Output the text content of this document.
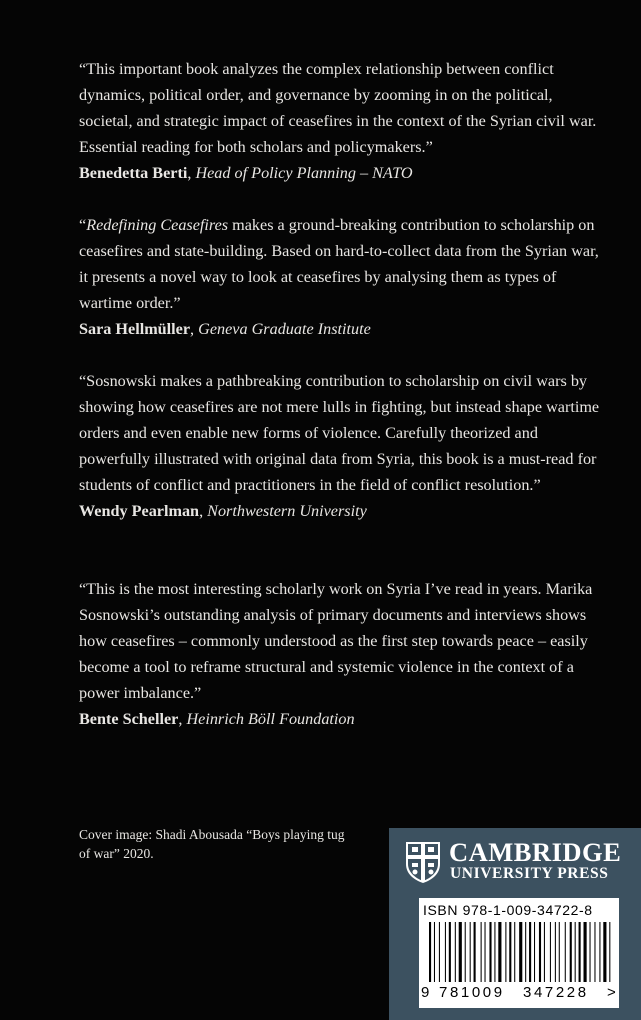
“This important book analyzes the complex relationship between conflict dynamics, political order, and governance by zooming in on the political, societal, and strategic impact of ceasefires in the context of the Syrian civil war. Essential reading for both scholars and policymakers.”

Benedetta Berti, Head of Policy Planning – NATO

“Redefining Ceasefires makes a ground-breaking contribution to scholarship on ceasefires and state-building. Based on hard-to-collect data from the Syrian war, it presents a novel way to look at ceasefires by analysing them as types of wartime order.”

Sara Hellmüller, Geneva Graduate Institute

“Sosnowski makes a pathbreaking contribution to scholarship on civil wars by showing how ceasefires are not mere lulls in fighting, but instead shape wartime orders and even enable new forms of violence. Carefully theorized and powerfully illustrated with original data from Syria, this book is a must-read for students of conflict and practitioners in the field of conflict resolution.”

Wendy Pearlman, Northwestern University

“This is the most interesting scholarly work on Syria I’ve read in years. Marika Sosnowski’s outstanding analysis of primary documents and interviews shows how ceasefires – commonly understood as the first step towards peace – easily become a tool to reframe structural and systemic violence in the context of a power imbalance.”

Bente Scheller, Heinrich Böll Foundation

Cover image: Shadi Abousada “Boys playing tug of war” 2020.	CAMBRIDGE
UNIVERSITY PRESS
ISBN 978-1-009-34722-8
9 781009 347228 >
